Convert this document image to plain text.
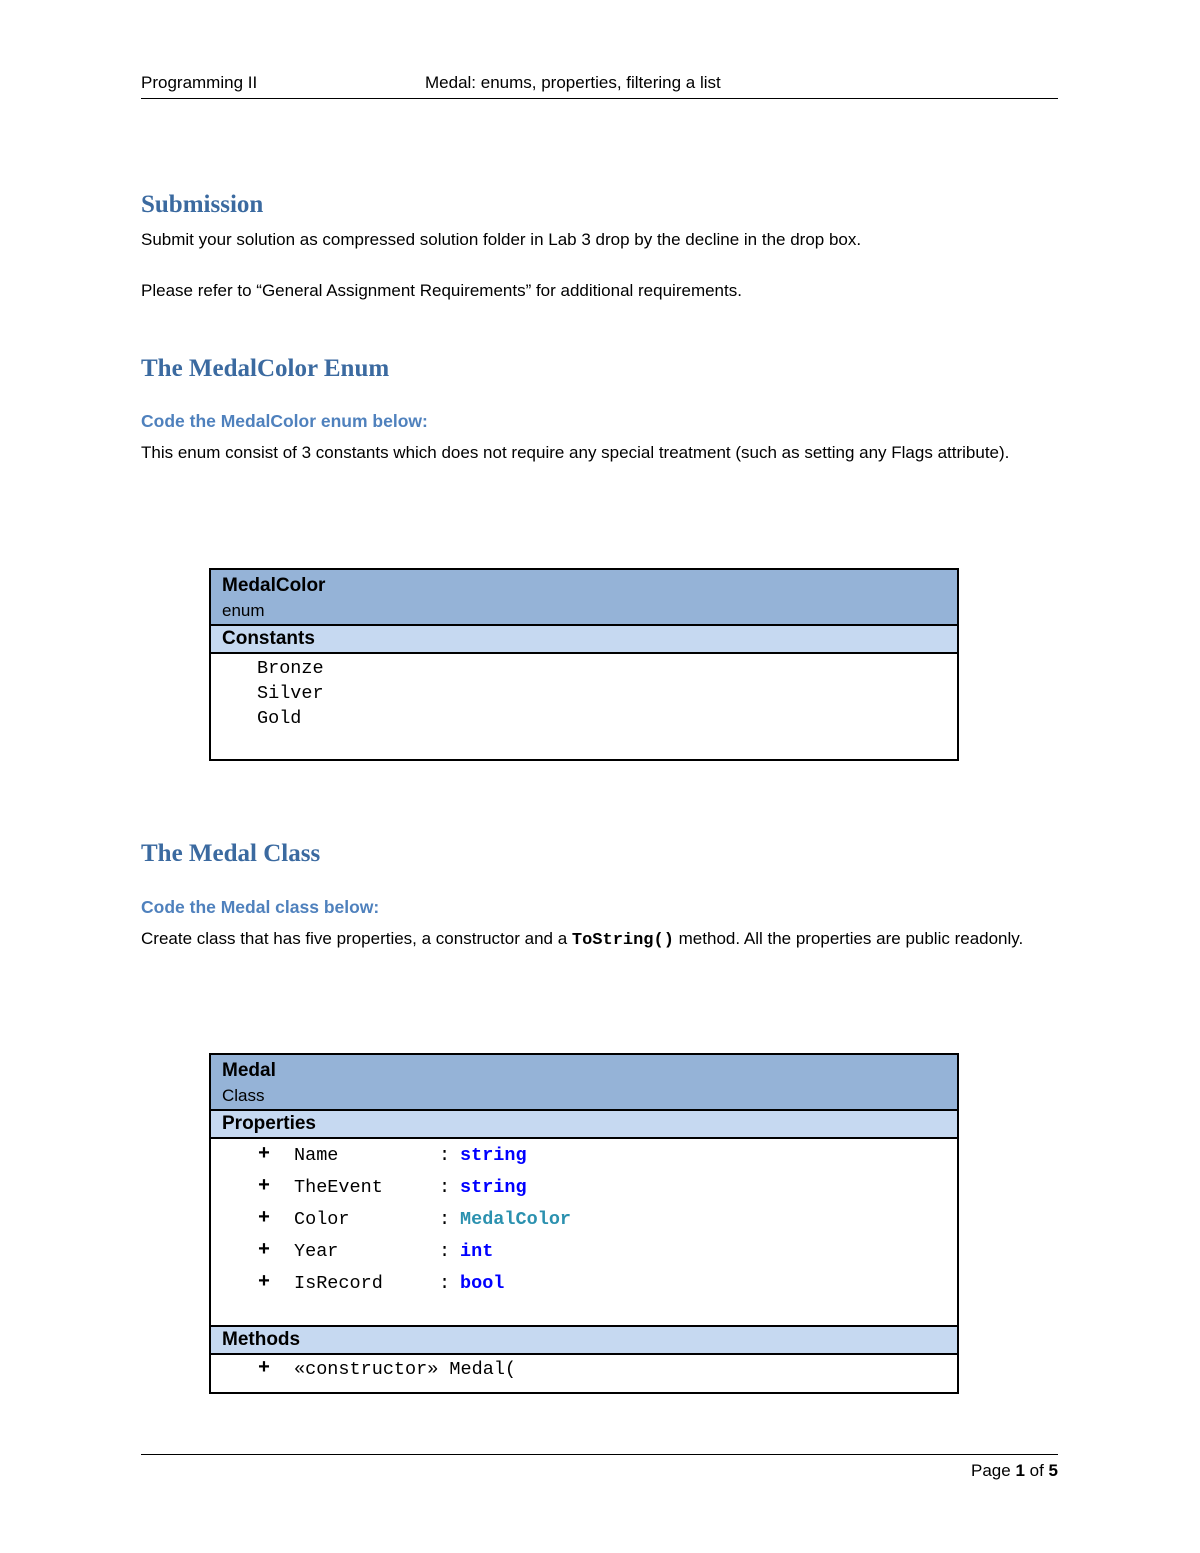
Programming II	Medal: enums, properties, filtering a list
Submission

Submit your solution as compressed solution folder in Lab 3 drop by the decline in the drop box.

Please refer to “General Assignment Requirements” for additional requirements.

The MedalColor Enum
Code the MedalColor enum below:

This enum consist of 3 constants which does not require any special treatment (such as setting any Flags attribute).

MedalColor
enum
Constants
Bronze
Silver
Gold
The Medal Class
Code the Medal class below:

Create class that has five properties, a constructor and a ToString() method. All the properties are public readonly.

Medal
Class
Properties
+ Name	: string
+ TheEvent	: string
+ Color	: MedalColor
+ Year	: int
+ IsRecord	: bool
Methods
+ «constructor» Medal(
Page 1 of 5
